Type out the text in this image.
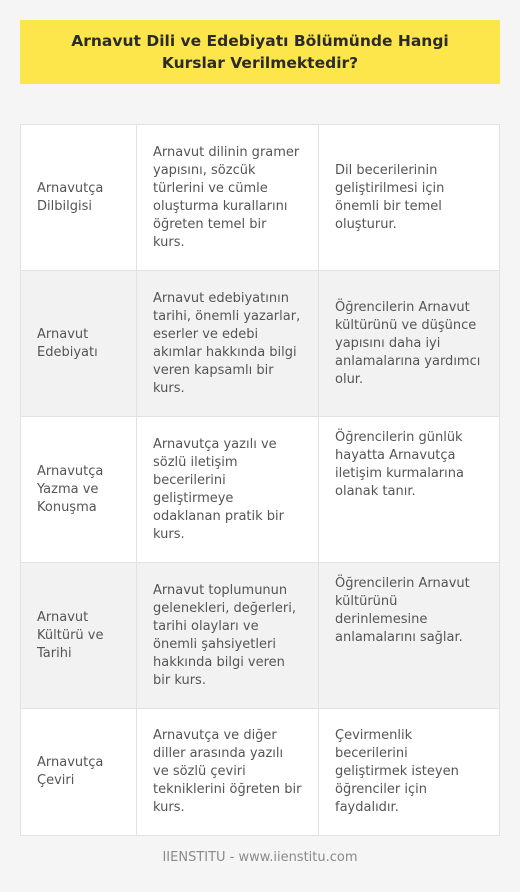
Arnavut Dili ve Edebiyatı Bölümünde Hangi Kurslar Verilmektedir?
Arnavutça Dilbilgisi
Arnavut dilinin gramer yapısını, sözcük türlerini ve cümle oluşturma kurallarını öğreten temel bir kurs.
Dil becerilerinin geliştirilmesi için önemli bir temel oluşturur.
Arnavut Edebiyatı
Arnavut edebiyatının tarihi, önemli yazarlar, eserler ve edebi akımlar hakkında bilgi veren kapsamlı bir kurs.
Öğrencilerin Arnavut kültürünü ve düşünce yapısını daha iyi anlamalarına yardımcı olur.
Arnavutça Yazma ve Konuşma
Arnavutça yazılı ve sözlü iletişim becerilerini geliştirmeye odaklanan pratik bir kurs.
Öğrencilerin günlük hayatta Arnavutça iletişim kurmalarına olanak tanır.
Arnavut Kültürü ve Tarihi
Arnavut toplumunun gelenekleri, değerleri, tarihi olayları ve önemli şahsiyetleri hakkında bilgi veren bir kurs.
Öğrencilerin Arnavut kültürünü derinlemesine anlamalarını sağlar.
Arnavutça Çeviri
Arnavutça ve diğer diller arasında yazılı ve sözlü çeviri tekniklerini öğreten bir kurs.
Çevirmenlik becerilerini geliştirmek isteyen öğrenciler için faydalıdır.
IIENSTITU - www.iienstitu.com
